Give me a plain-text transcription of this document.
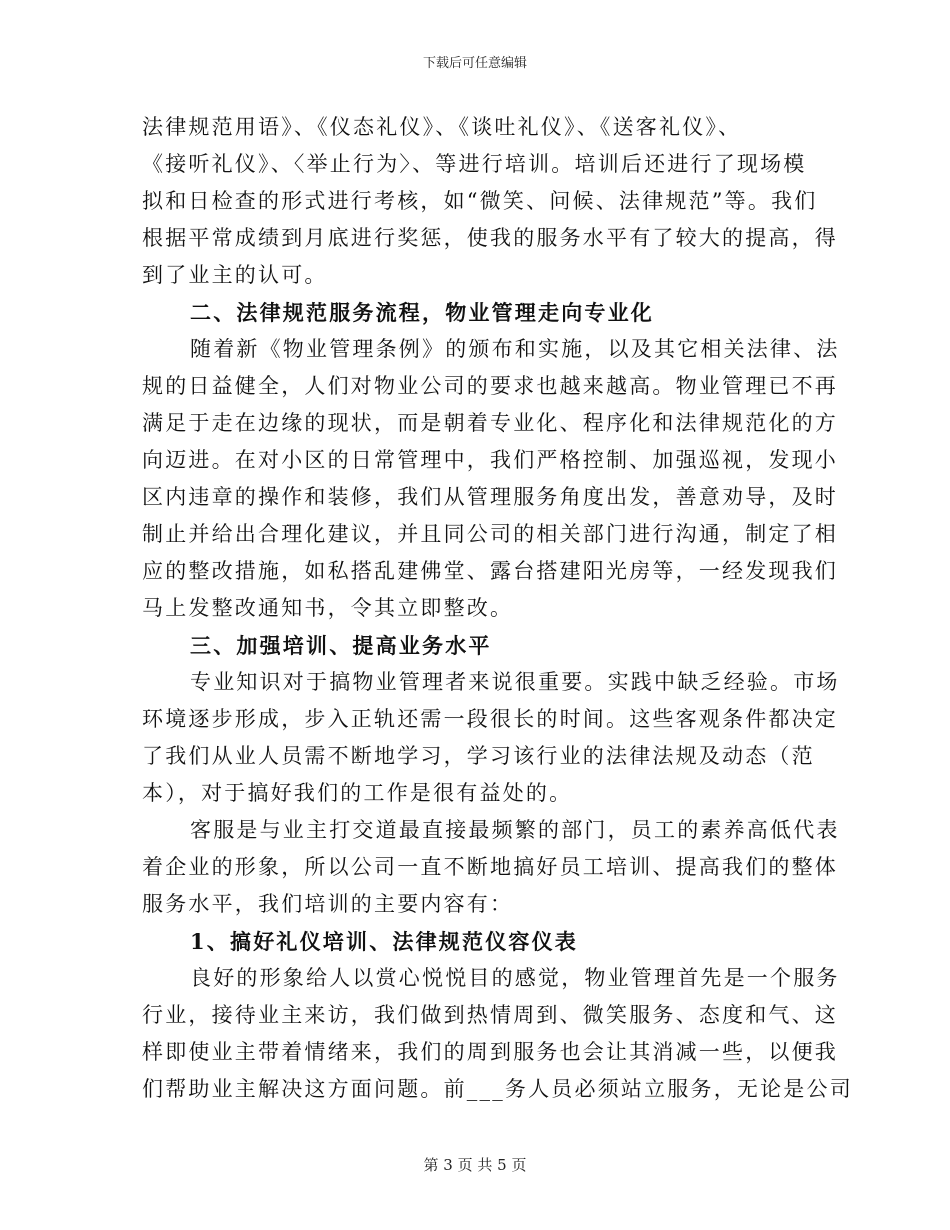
下载后可任意编辑
法律规范用语》、《仪态礼仪》、《谈吐礼仪》、《送客礼仪》、
《接听礼仪》、〈举止行为〉、等进行培训。培训后还进行了现场模
拟和日检查的形式进行考核，如“微笑、问候、法律规范”等。我们
根据平常成绩到月底进行奖惩，使我的服务水平有了较大的提高，得
到了业主的认可。
二、法律规范服务流程，物业管理走向专业化
随着新《物业管理条例》的颁布和实施，以及其它相关法律、法
规的日益健全，人们对物业公司的要求也越来越高。物业管理已不再
满足于走在边缘的现状，而是朝着专业化、程序化和法律规范化的方
向迈进。在对小区的日常管理中，我们严格控制、加强巡视，发现小
区内违章的操作和装修，我们从管理服务角度出发，善意劝导，及时
制止并给出合理化建议，并且同公司的相关部门进行沟通，制定了相
应的整改措施，如私搭乱建佛堂、露台搭建阳光房等，一经发现我们
马上发整改通知书，令其立即整改。
三、加强培训、提高业务水平
专业知识对于搞物业管理者来说很重要。实践中缺乏经验。市场
环境逐步形成，步入正轨还需一段很长的时间。这些客观条件都决定
了我们从业人员需不断地学习，学习该行业的法律法规及动态（范
本），对于搞好我们的工作是很有益处的。
客服是与业主打交道最直接最频繁的部门，员工的素养高低代表
着企业的形象，所以公司一直不断地搞好员工培训、提高我们的整体
服务水平，我们培训的主要内容有：
1、搞好礼仪培训、法律规范仪容仪表
良好的形象给人以赏心悦悦目的感觉，物业管理首先是一个服务
行业，接待业主来访，我们做到热情周到、微笑服务、态度和气、这
样即使业主带着情绪来，我们的周到服务也会让其消减一些，以便我
们帮助业主解决这方面问题。前___务人员必须站立服务，无论是公司
第 3 页 共 5 页
